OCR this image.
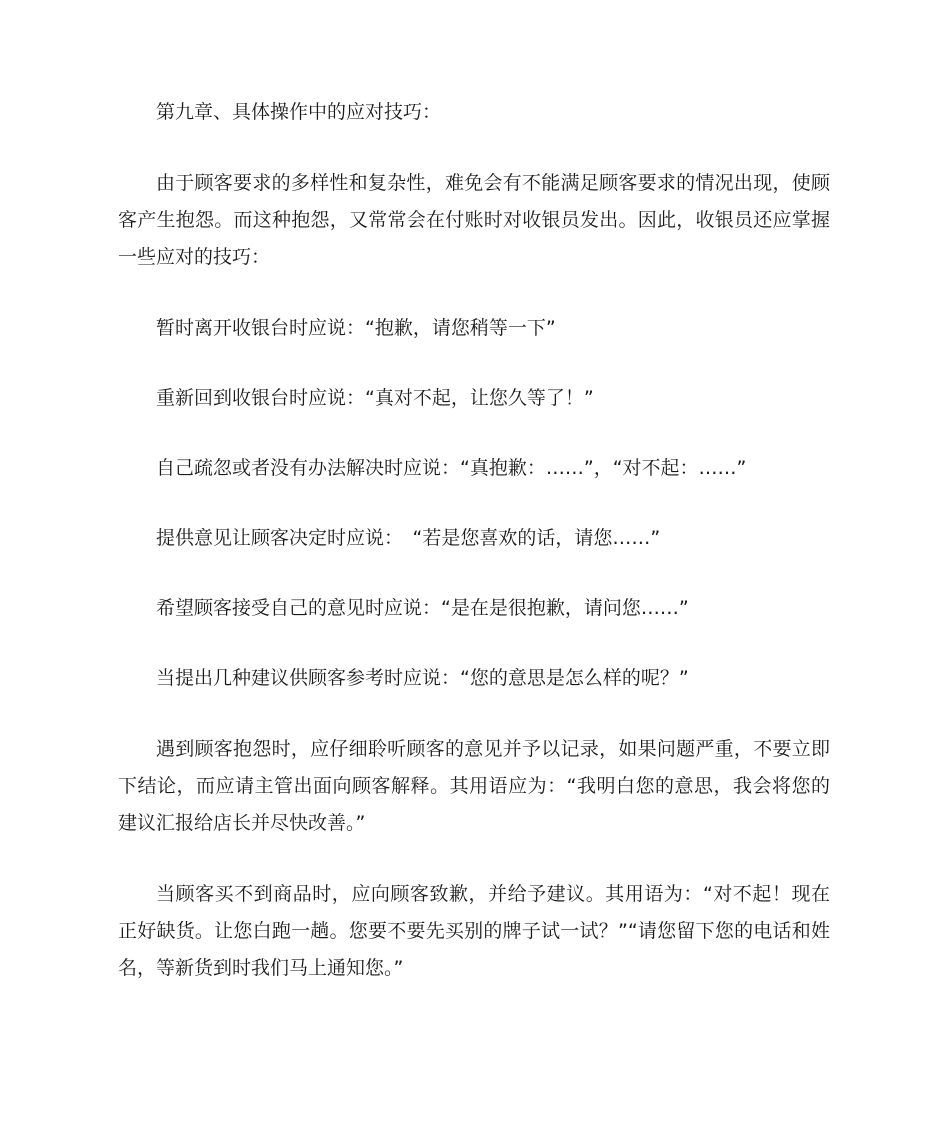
第九章、具体操作中的应对技巧：

由于顾客要求的多样性和复杂性，难免会有不能满足顾客要求的情况出现，使顾客产生抱怨。而这种抱怨，又常常会在付账时对收银员发出。因此，收银员还应掌握一些应对的技巧：

暂时离开收银台时应说：“抱歉，请您稍等一下”

重新回到收银台时应说：“真对不起，让您久等了！”

自己疏忽或者没有办法解决时应说：“真抱歉：……”，“对不起：……”

提供意见让顾客决定时应说：　“若是您喜欢的话，请您……”

希望顾客接受自己的意见时应说：“是在是很抱歉，请问您……”

当提出几种建议供顾客参考时应说：“您的意思是怎么样的呢？”

遇到顾客抱怨时，应仔细聆听顾客的意见并予以记录，如果问题严重，不要立即下结论，而应请主管出面向顾客解释。其用语应为：“我明白您的意思，我会将您的建议汇报给店长并尽快改善。”

当顾客买不到商品时，应向顾客致歉，并给予建议。其用语为：“对不起！现在正好缺货。让您白跑一趟。您要不要先买别的牌子试一试？”“请您留下您的电话和姓名，等新货到时我们马上通知您。”
